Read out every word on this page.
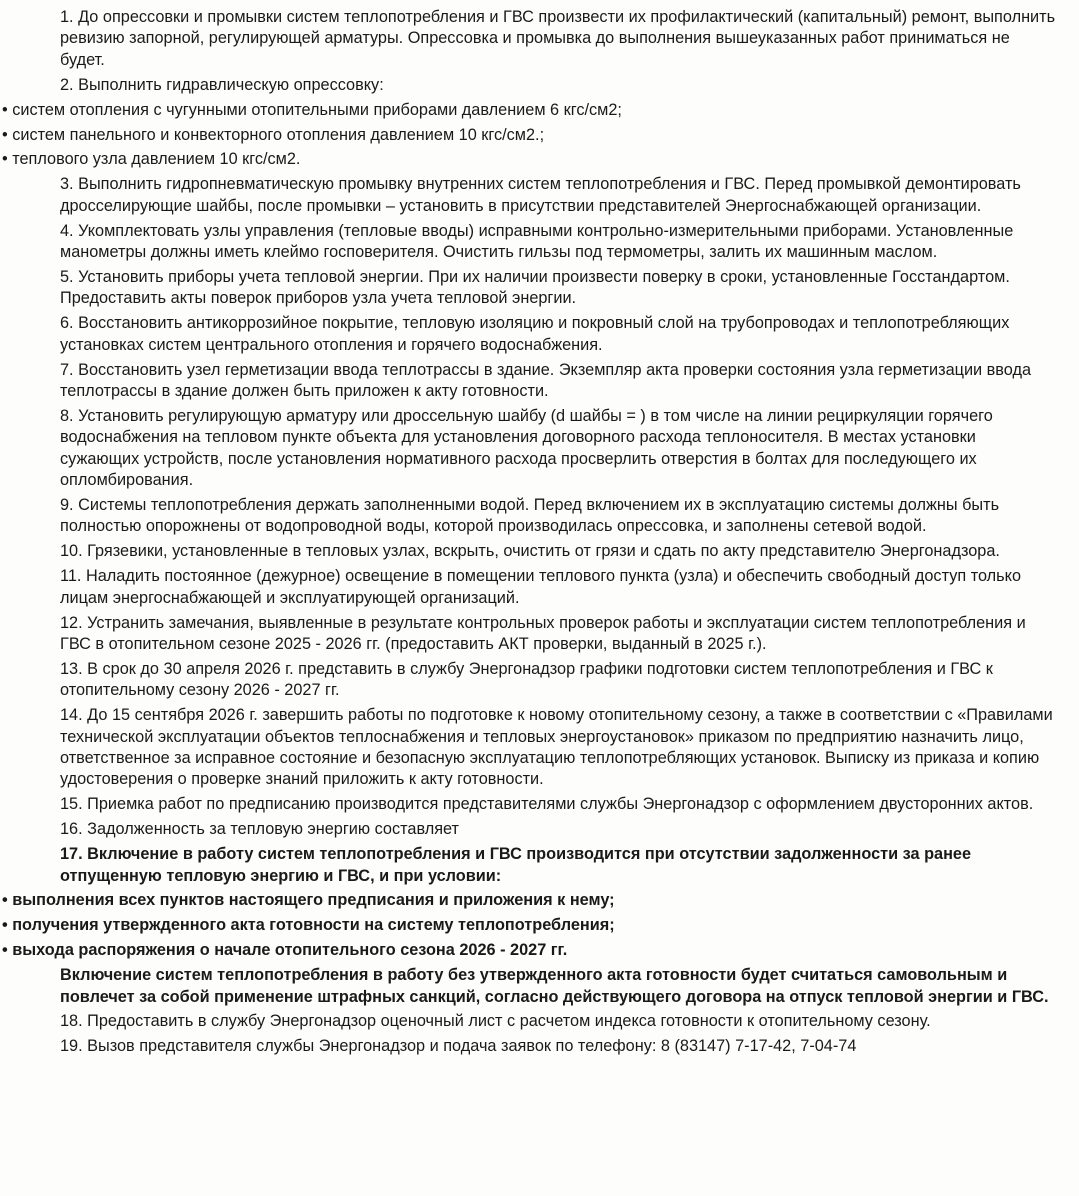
1. До опрессовки и промывки систем теплопотребления и ГВС произвести их профилактический (капитальный) ремонт, выполнить ревизию запорной, регулирующей арматуры. Опрессовка и промывка до выполнения вышеуказанных работ приниматься не будет.
2. Выполнить гидравлическую опрессовку:
• систем отопления с чугунными отопительными приборами давлением 6 кгс/см2;
• систем панельного и конвекторного отопления давлением 10 кгс/см2.;
• теплового узла давлением 10 кгс/см2.
3. Выполнить гидропневматическую промывку внутренних систем теплопотребления и ГВС. Перед промывкой демонтировать дросселирующие шайбы, после промывки – установить в присутствии представителей Энергоснабжающей организации.
4. Укомплектовать узлы управления (тепловые вводы) исправными контрольно-измерительными приборами. Установленные манометры должны иметь клеймо госповерителя. Очистить гильзы под термометры, залить их машинным маслом.
5. Установить приборы учета тепловой энергии. При их наличии произвести поверку в сроки, установленные Госстандартом. Предоставить акты поверок приборов узла учета тепловой энергии.
6. Восстановить антикоррозийное покрытие, тепловую изоляцию и покровный слой на трубопроводах и теплопотребляющих установках систем центрального отопления и горячего водоснабжения.
7. Восстановить узел герметизации ввода теплотрассы в здание. Экземпляр акта проверки состояния узла герметизации ввода теплотрассы в здание должен быть приложен к акту готовности.
8. Установить регулирующую арматуру или дроссельную шайбу (d шайбы = ) в том числе на линии рециркуляции горячего водоснабжения на тепловом пункте объекта для установления договорного расхода теплоносителя. В местах установки сужающих устройств, после установления нормативного расхода просверлить отверстия в болтах для последующего их опломбирования.
9. Системы теплопотребления держать заполненными водой. Перед включением их в эксплуатацию системы должны быть полностью опорожнены от водопроводной воды, которой производилась опрессовка, и заполнены сетевой водой.
10. Грязевики, установленные в тепловых узлах, вскрыть, очистить от грязи и сдать по акту представителю Энергонадзора.
11. Наладить постоянное (дежурное) освещение в помещении теплового пункта (узла) и обеспечить свободный доступ только лицам энергоснабжающей и эксплуатирующей организаций.
12. Устранить замечания, выявленные в результате контрольных проверок работы и эксплуатации систем теплопотребления и ГВС в отопительном сезоне 2025 - 2026 гг. (предоставить АКТ проверки, выданный в 2025 г.).
13. В срок до 30 апреля 2026 г. представить в службу Энергонадзор графики подготовки систем теплопотребления и ГВС к отопительному сезону 2026 - 2027 гг.
14. До 15 сентября 2026 г. завершить работы по подготовке к новому отопительному сезону, а также в соответствии с «Правилами технической эксплуатации объектов теплоснабжения и тепловых энергоустановок» приказом по предприятию назначить лицо, ответственное за исправное состояние и безопасную эксплуатацию теплопотребляющих установок. Выписку из приказа и копию удостоверения о проверке знаний приложить к акту готовности.
15. Приемка работ по предписанию производится представителями службы Энергонадзор с оформлением двусторонних актов.
16. Задолженность за тепловую энергию составляет
17. Включение в работу систем теплопотребления и ГВС производится при отсутствии задолженности за ранее отпущенную тепловую энергию и ГВС, и при условии:
• выполнения всех пунктов настоящего предписания и приложения к нему;
• получения утвержденного акта готовности на систему теплопотребления;
• выхода распоряжения о начале отопительного сезона 2026 - 2027 гг.
Включение систем теплопотребления в работу без утвержденного акта готовности будет считаться самовольным и повлечет за собой применение штрафных санкций, согласно действующего договора на отпуск тепловой энергии и ГВС.
18. Предоставить в службу Энергонадзор оценочный лист с расчетом индекса готовности к отопительному сезону.
19. Вызов представителя службы Энергонадзор и подача заявок по телефону: 8 (83147) 7-17-42, 7-04-74
